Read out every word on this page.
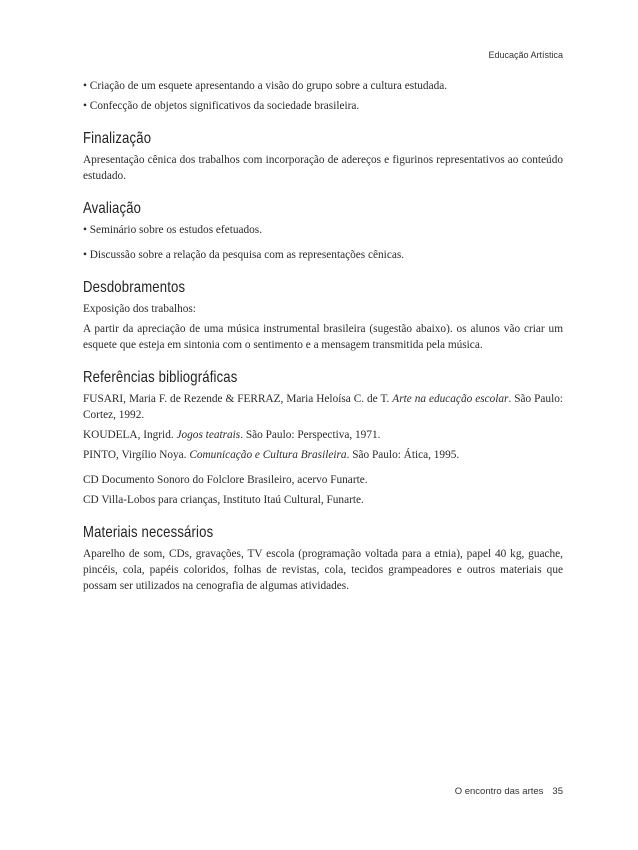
Educação Artística

• Criação de um esquete apresentando a visão do grupo sobre a cultura estudada.

• Confecção de objetos significativos da sociedade brasileira.

Finalização

Apresentação cênica dos trabalhos com incorporação de adereços e figurinos representativos ao conteúdo estudado.

Avaliação

• Seminário sobre os estudos efetuados.

• Discussão sobre a relação da pesquisa com as representações cênicas.

Desdobramentos

Exposição dos trabalhos:

A partir da apreciação de uma música instrumental brasileira (sugestão abaixo). os alunos vão criar um esquete que esteja em sintonia com o sentimento e a mensagem transmitida pela música.

Referências bibliográficas

FUSARI, Maria F. de Rezende & FERRAZ, Maria Heloísa C. de T. Arte na educação escolar. São Paulo: Cortez, 1992.

KOUDELA, Ingrid. Jogos teatrais. São Paulo: Perspectiva, 1971.

PINTO, Virgílio Noya. Comunicação e Cultura Brasileira. São Paulo: Ática, 1995.

CD Documento Sonoro do Folclore Brasileiro, acervo Funarte.

CD Villa-Lobos para crianças, Instituto Itaú Cultural, Funarte.

Materiais necessários

Aparelho de som, CDs, gravações, TV escola (programação voltada para a etnia), papel 40 kg, guache, pincéis, cola, papéis coloridos, folhas de revistas, cola, tecidos grampeadores e outros materiais que possam ser utilizados na cenografia de algumas atividades.

O encontro das artes 35
